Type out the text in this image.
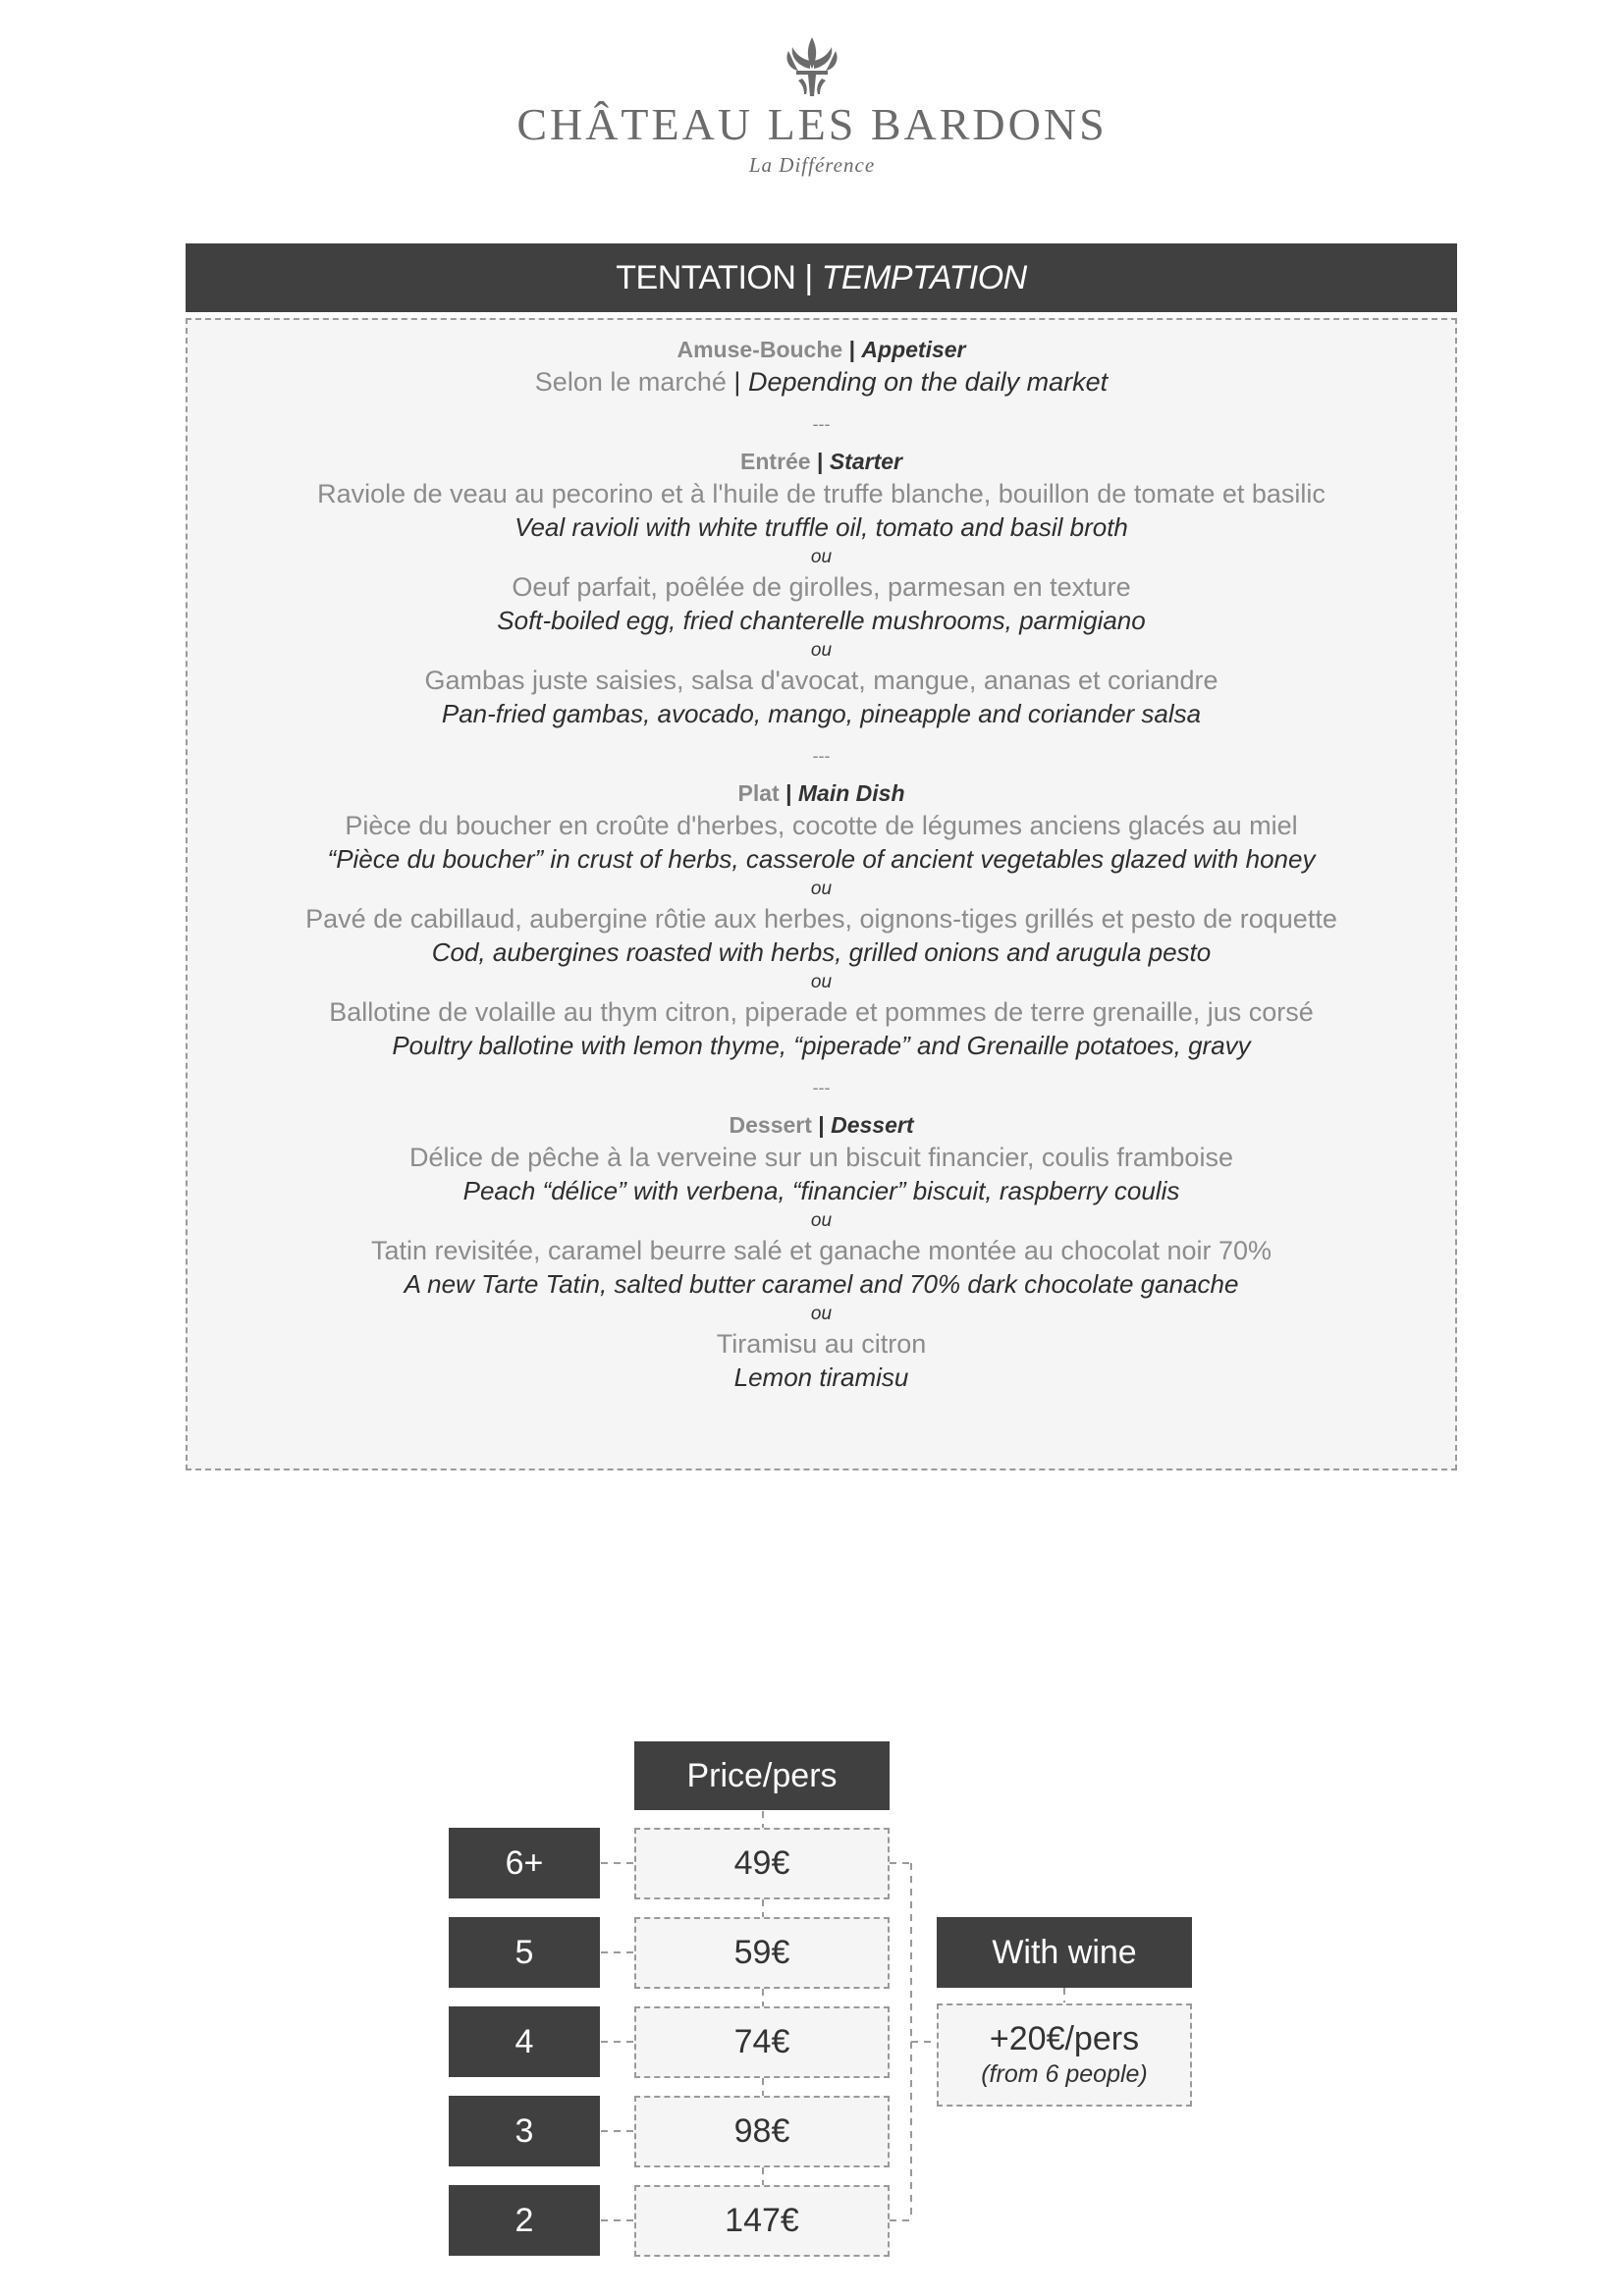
CHÂTEAU LES BARDONS
La Différence
TENTATION
|
TEMPTATION
Amuse-Bouche | Appetiser
Selon le marché | Depending on the daily market
---
Entrée | Starter
Raviole de veau au pecorino et à l'huile de truffe blanche, bouillon de tomate et basilic
Veal ravioli with white truffle oil, tomato and basil broth
ou
Oeuf parfait, poêlée de girolles, parmesan en texture
Soft-boiled egg, fried chanterelle mushrooms, parmigiano
ou
Gambas juste saisies, salsa d'avocat, mangue, ananas et coriandre
Pan-fried gambas, avocado, mango, pineapple and coriander salsa
---
Plat | Main Dish
Pièce du boucher en croûte d'herbes, cocotte de légumes anciens glacés au miel
“Pièce du boucher” in crust of herbs, casserole of ancient vegetables glazed with honey
ou
Pavé de cabillaud, aubergine rôtie aux herbes, oignons-tiges grillés et pesto de roquette
Cod, aubergines roasted with herbs, grilled onions and arugula pesto
ou
Ballotine de volaille au thym citron, piperade et pommes de terre grenaille, jus corsé
Poultry ballotine with lemon thyme, “piperade” and Grenaille potatoes, gravy
---
Dessert | Dessert
Délice de pêche à la verveine sur un biscuit financier, coulis framboise
Peach “délice” with verbena, “financier” biscuit, raspberry coulis
ou
Tatin revisitée, caramel beurre salé et ganache montée au chocolat noir 70%
A new Tarte Tatin, salted butter caramel and 70% dark chocolate ganache
ou
Tiramisu au citron
Lemon tiramisu
Price/pers
6+	49€
5	59€
4	74€
3	98€
2	147€
With wine
+20€/pers
(from 6 people)
